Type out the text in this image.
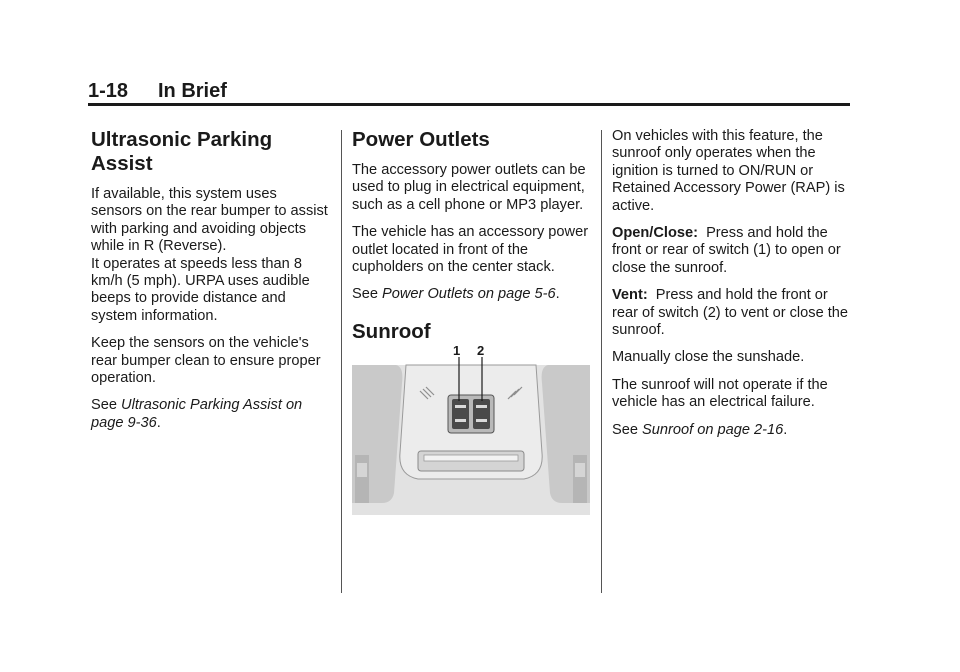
1-18 In Brief
Ultrasonic Parking Assist

If available, this system uses sensors on the rear bumper to assist with parking and avoiding objects while in R (Reverse).
It operates at speeds less than 8 km/h (5 mph). URPA uses audible beeps to provide distance and system information.

Keep the sensors on the vehicle's rear bumper clean to ensure proper operation.

See Ultrasonic Parking Assist on page 9-36.

Power Outlets

The accessory power outlets can be used to plug in electrical equipment, such as a cell phone or MP3 player.

The vehicle has an accessory power outlet located in front of the cupholders on the center stack.

See Power Outlets on page 5-6.

Sunroof
1 2

On vehicles with this feature, the sunroof only operates when the ignition is turned to ON/RUN or Retained Accessory Power (RAP) is active.

Open/Close: Press and hold the front or rear of switch (1) to open or close the sunroof.

Vent: Press and hold the front or rear of switch (2) to vent or close the sunroof.

Manually close the sunshade.

The sunroof will not operate if the vehicle has an electrical failure.

See Sunroof on page 2-16.
